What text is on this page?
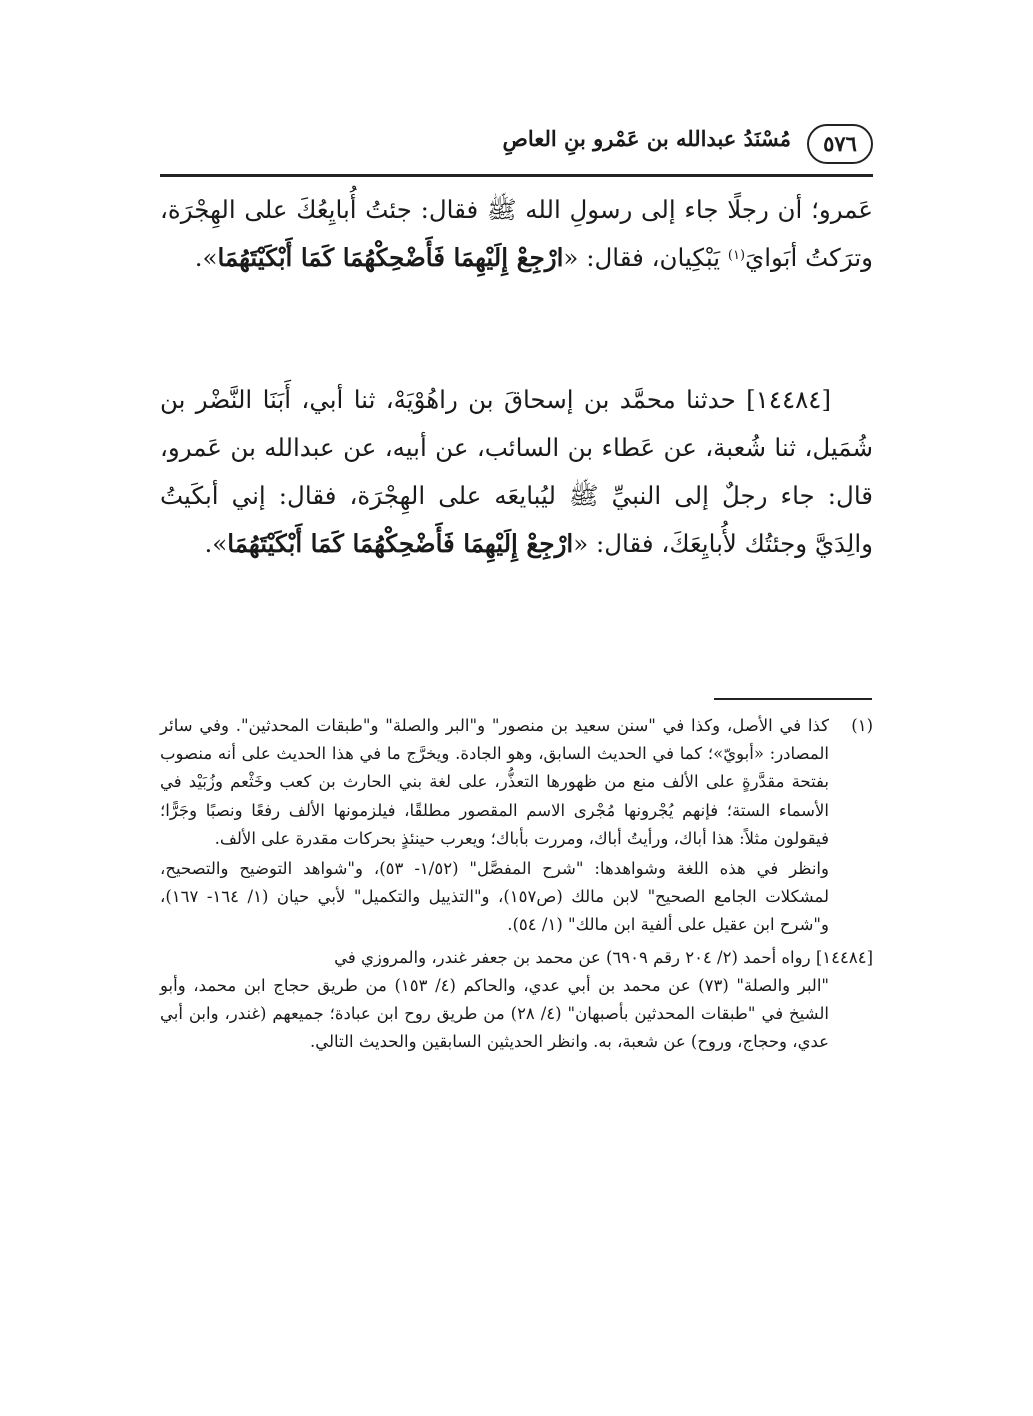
٥٧٦
مُسْنَدُ عبدالله بن عَمْرو بنِ العاصِ
عَمرو؛ أن رجلًا جاء إلى رسولِ الله ﷺ فقال: جئتُ أُبايِعُكَ على الهِجْرَة، وترَكتُ أبَوايَ$^{(١)}$ يَبْكِيان، فقال: «ارْجِعْ إِلَيْهِمَا فَأَضْحِكْهُمَا كَمَا أَبْكَيْتَهُمَا».
[١٤٤٨٤] حدثنا محمَّد بن إسحاقَ بن راهُوْيَهْ، ثنا أبي، أَبَنَا النَّضْر بن شُمَيل، ثنا شُعبة، عن عَطاء بن السائب، عن أبيه، عن عبدالله بن عَمرو، قال: جاء رجلٌ إلى النبيِّ ﷺ ليُبايعَه على الهِجْرَة، فقال: إني أبكَيتُ والِدَيَّ وجئتُك لأُبايِعَكَ، فقال: «ارْجِعْ إِلَيْهِمَا فَأَضْحِكْهُمَا كَمَا أَبْكَيْتَهُمَا».
(١)
كذا في الأصل، وكذا في "سنن سعيد بن منصور" و"البر والصلة" و"طبقات المحدثين". وفي سائر المصادر: «أبويّ»؛ كما في الحديث السابق، وهو الجادة. ويخرَّج ما في هذا الحديث على أنه منصوب بفتحة مقدَّرةٍ على الألف منع من ظهورها التعذُّر، على لغة بني الحارث بن كعب وخَثْعم وزُبَيْد في الأسماء الستة؛ فإنهم يُجْرونها مُجْرى الاسم المقصور مطلقًا، فيلزمونها الألف رفعًا ونصبًا وجَرًّا؛ فيقولون مثلاً: هذا أباك، ورأيتُ أباك، ومررت بأباك؛ ويعرب حينئذٍ بحركات مقدرة على الألف.
وانظر في هذه اللغة وشواهدها: "شرح المفصَّل" (١/٥٢- ٥٣)، و"شواهد التوضيح والتصحيح، لمشكلات الجامع الصحيح" لابن مالك (ص١٥٧)، و"التذييل والتكميل" لأبي حيان (١/ ١٦٤- ١٦٧)، و"شرح ابن عقيل على ألفية ابن مالك" (١/ ٥٤).
[١٤٤٨٤] رواه أحمد (٢/ ٢٠٤ رقم ٦٩٠٩) عن محمد بن جعفر غندر، والمروزي في
"البر والصلة" (٧٣) عن محمد بن أبي عدي، والحاكم (٤/ ١٥٣) من طريق حجاج ابن محمد، وأبو الشيخ في "طبقات المحدثين بأصبهان" (٤/ ٢٨) من طريق روح ابن عبادة؛ جميعهم (غندر، وابن أبي عدي، وحجاج، وروح) عن شعبة، به. وانظر الحديثين السابقين والحديث التالي.
